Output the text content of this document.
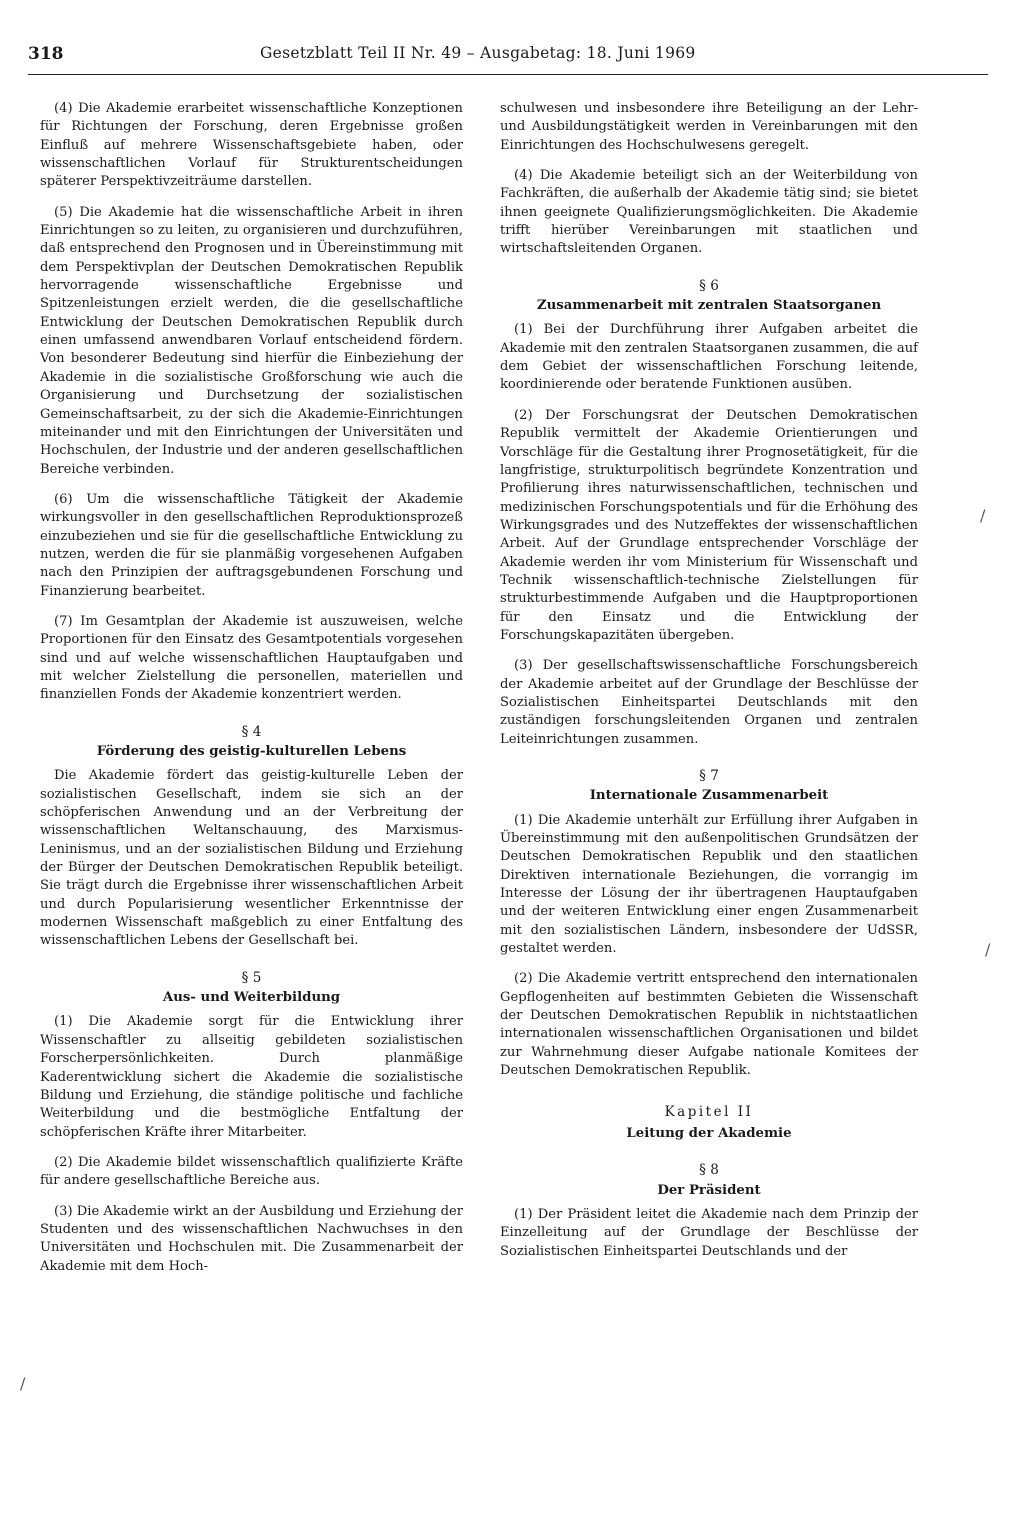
318	Gesetzblatt Teil II Nr. 49 – Ausgabetag: 18. Juni 1969

(4) Die Akademie erarbeitet wissenschaftliche Konzeptionen für Richtungen der Forschung, deren Ergebnisse großen Einfluß auf mehrere Wissenschaftsgebiete haben, oder wissenschaftlichen Vorlauf für Strukturentscheidungen späterer Perspektivzeiträume darstellen.

(5) Die Akademie hat die wissenschaftliche Arbeit in ihren Einrichtungen so zu leiten, zu organisieren und durchzuführen, daß entsprechend den Prognosen und in Übereinstimmung mit dem Perspektivplan der Deutschen Demokratischen Republik hervorragende wissenschaftliche Ergebnisse und Spitzenleistungen erzielt werden, die die gesellschaftliche Entwicklung der Deutschen Demokratischen Republik durch einen umfassend anwendbaren Vorlauf entscheidend fördern. Von besonderer Bedeutung sind hierfür die Einbeziehung der Akademie in die sozialistische Großforschung wie auch die Organisierung und Durchsetzung der sozialistischen Gemeinschaftsarbeit, zu der sich die Akademie-Einrichtungen miteinander und mit den Einrichtungen der Universitäten und Hochschulen, der Industrie und der anderen gesellschaftlichen Bereiche verbinden.

(6) Um die wissenschaftliche Tätigkeit der Akademie wirkungsvoller in den gesellschaftlichen Reproduktionsprozeß einzubeziehen und sie für die gesellschaftliche Entwicklung zu nutzen, werden die für sie planmäßig vorgesehenen Aufgaben nach den Prinzipien der auftragsgebundenen Forschung und Finanzierung bearbeitet.

(7) Im Gesamtplan der Akademie ist auszuweisen, welche Proportionen für den Einsatz des Gesamtpotentials vorgesehen sind und auf welche wissenschaftlichen Hauptaufgaben und mit welcher Zielstellung die personellen, materiellen und finanziellen Fonds der Akademie konzentriert werden.

§ 4
Förderung des geistig-kulturellen Lebens

Die Akademie fördert das geistig-kulturelle Leben der sozialistischen Gesellschaft, indem sie sich an der schöpferischen Anwendung und an der Verbreitung der wissenschaftlichen Weltanschauung, des Marxismus-Leninismus, und an der sozialistischen Bildung und Erziehung der Bürger der Deutschen Demokratischen Republik beteiligt. Sie trägt durch die Ergebnisse ihrer wissenschaftlichen Arbeit und durch Popularisierung wesentlicher Erkenntnisse der modernen Wissenschaft maßgeblich zu einer Entfaltung des wissenschaftlichen Lebens der Gesellschaft bei.

§ 5
Aus- und Weiterbildung

(1) Die Akademie sorgt für die Entwicklung ihrer Wissenschaftler zu allseitig gebildeten sozialistischen Forscherpersönlichkeiten. Durch planmäßige Kaderentwicklung sichert die Akademie die sozialistische Bildung und Erziehung, die ständige politische und fachliche Weiterbildung und die bestmögliche Entfaltung der schöpferischen Kräfte ihrer Mitarbeiter.

(2) Die Akademie bildet wissenschaftlich qualifizierte Kräfte für andere gesellschaftliche Bereiche aus.

(3) Die Akademie wirkt an der Ausbildung und Erziehung der Studenten und des wissenschaftlichen Nachwuchses in den Universitäten und Hochschulen mit. Die Zusammenarbeit der Akademie mit dem Hoch-

schulwesen und insbesondere ihre Beteiligung an der Lehr- und Ausbildungstätigkeit werden in Vereinbarungen mit den Einrichtungen des Hochschulwesens geregelt.

(4) Die Akademie beteiligt sich an der Weiterbildung von Fachkräften, die außerhalb der Akademie tätig sind; sie bietet ihnen geeignete Qualifizierungsmöglichkeiten. Die Akademie trifft hierüber Vereinbarungen mit staatlichen und wirtschaftsleitenden Organen.

§ 6
Zusammenarbeit mit zentralen Staatsorganen

(1) Bei der Durchführung ihrer Aufgaben arbeitet die Akademie mit den zentralen Staatsorganen zusammen, die auf dem Gebiet der wissenschaftlichen Forschung leitende, koordinierende oder beratende Funktionen ausüben.

(2) Der Forschungsrat der Deutschen Demokratischen Republik vermittelt der Akademie Orientierungen und Vorschläge für die Gestaltung ihrer Prognosetätigkeit, für die langfristige, strukturpolitisch begründete Konzentration und Profilierung ihres naturwissenschaftlichen, technischen und medizinischen Forschungspotentials und für die Erhöhung des Wirkungsgrades und des Nutzeffektes der wissenschaftlichen Arbeit. Auf der Grundlage entsprechender Vorschläge der Akademie werden ihr vom Ministerium für Wissenschaft und Technik wissenschaftlich-technische Zielstellungen für strukturbestimmende Aufgaben und die Hauptproportionen für den Einsatz und die Entwicklung der Forschungskapazitäten übergeben.

(3) Der gesellschaftswissenschaftliche Forschungsbereich der Akademie arbeitet auf der Grundlage der Beschlüsse der Sozialistischen Einheitspartei Deutschlands mit den zuständigen forschungsleitenden Organen und zentralen Leiteinrichtungen zusammen.

§ 7
Internationale Zusammenarbeit

(1) Die Akademie unterhält zur Erfüllung ihrer Aufgaben in Übereinstimmung mit den außenpolitischen Grundsätzen der Deutschen Demokratischen Republik und den staatlichen Direktiven internationale Beziehungen, die vorrangig im Interesse der Lösung der ihr übertragenen Hauptaufgaben und der weiteren Entwicklung einer engen Zusammenarbeit mit den sozialistischen Ländern, insbesondere der UdSSR, gestaltet werden.

(2) Die Akademie vertritt entsprechend den internationalen Gepflogenheiten auf bestimmten Gebieten die Wissenschaft der Deutschen Demokratischen Republik in nichtstaatlichen internationalen wissenschaftlichen Organisationen und bildet zur Wahrnehmung dieser Aufgabe nationale Komitees der Deutschen Demokratischen Republik.

Kapitel II
Leitung der Akademie
§ 8
Der Präsident

(1) Der Präsident leitet die Akademie nach dem Prinzip der Einzelleitung auf der Grundlage der Beschlüsse der Sozialistischen Einheitspartei Deutschlands und der

/
/
/
